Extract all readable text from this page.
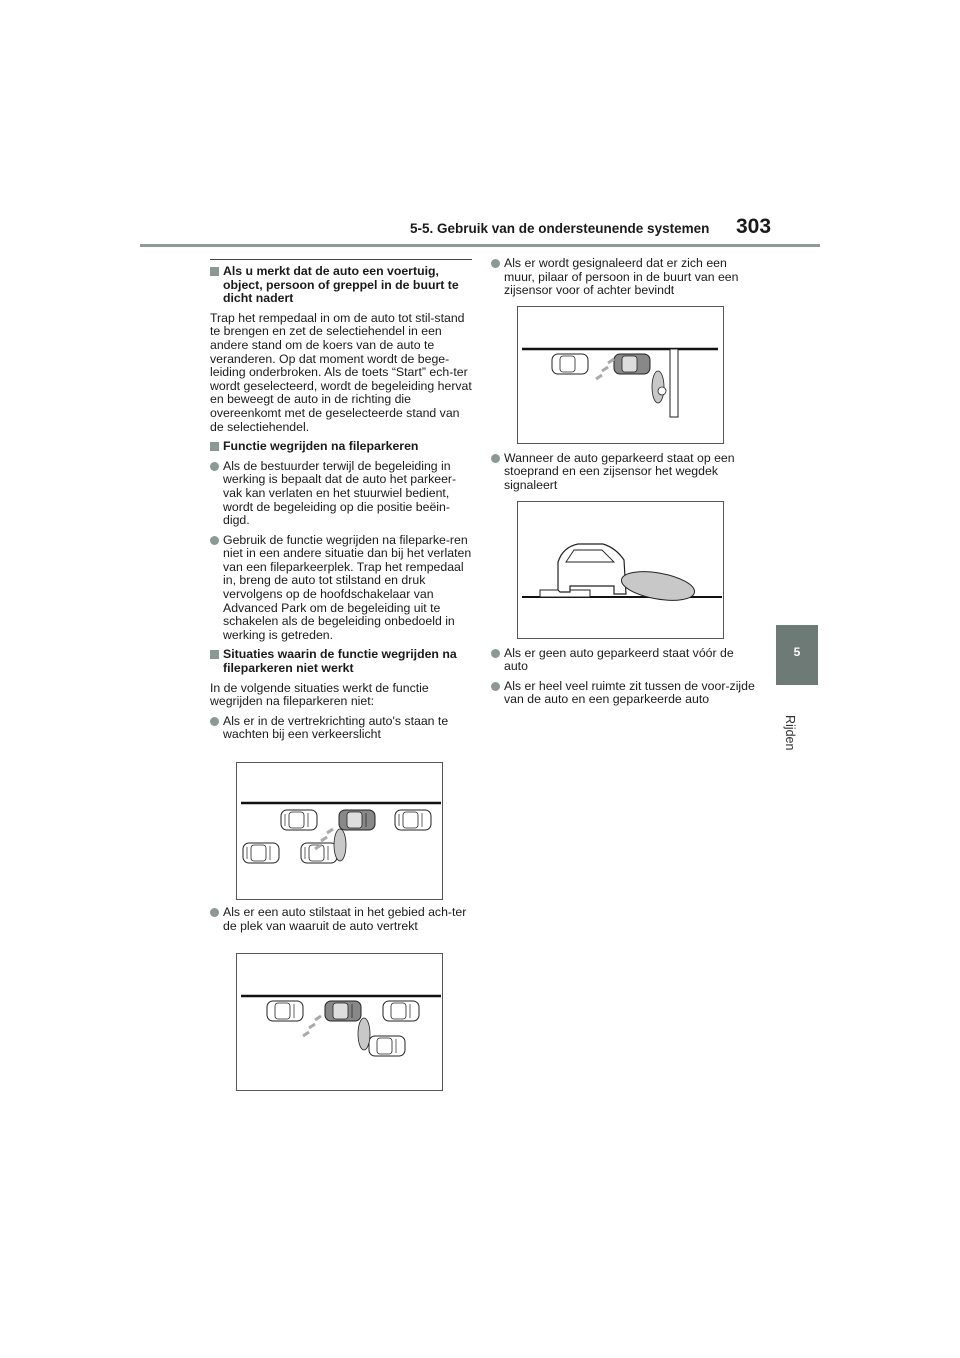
5-5. Gebruik van de ondersteunende systemen 303
5
Rijden
Als u merkt dat de auto een voertuig, object, persoon of greppel in de buurt te dicht nadert
Trap het rempedaal in om de auto tot stil-stand te brengen en zet de selectiehendel in een andere stand om de koers van de auto te veranderen. Op dat moment wordt de bege-leiding onderbroken. Als de toets “Start” ech-ter wordt geselecteerd, wordt de begeleiding hervat en beweegt de auto in de richting die overeenkomt met de geselecteerde stand van de selectiehendel.
Functie wegrijden na fileparkeren
Als de bestuurder terwijl de begeleiding in werking is bepaalt dat de auto het parkeer-vak kan verlaten en het stuurwiel bedient, wordt de begeleiding op die positie beëin-digd.
Gebruik de functie wegrijden na fileparke-ren niet in een andere situatie dan bij het verlaten van een fileparkeerplek. Trap het rempedaal in, breng de auto tot stilstand en druk vervolgens op de hoofdschakelaar van Advanced Park om de begeleiding uit te schakelen als de begeleiding onbedoeld in werking is getreden.
Situaties waarin de functie wegrijden na fileparkeren niet werkt
In de volgende situaties werkt de functie wegrijden na fileparkeren niet:
Als er in de vertrekrichting auto's staan te wachten bij een verkeerslicht
Als er een auto stilstaat in het gebied ach-ter de plek van waaruit de auto vertrekt
Als er wordt gesignaleerd dat er zich een muur, pilaar of persoon in de buurt van een zijsensor voor of achter bevindt
Wanneer de auto geparkeerd staat op een stoeprand en een zijsensor het wegdek signaleert
Als er geen auto geparkeerd staat vóór de auto
Als er heel veel ruimte zit tussen de voor-zijde van de auto en een geparkeerde auto
